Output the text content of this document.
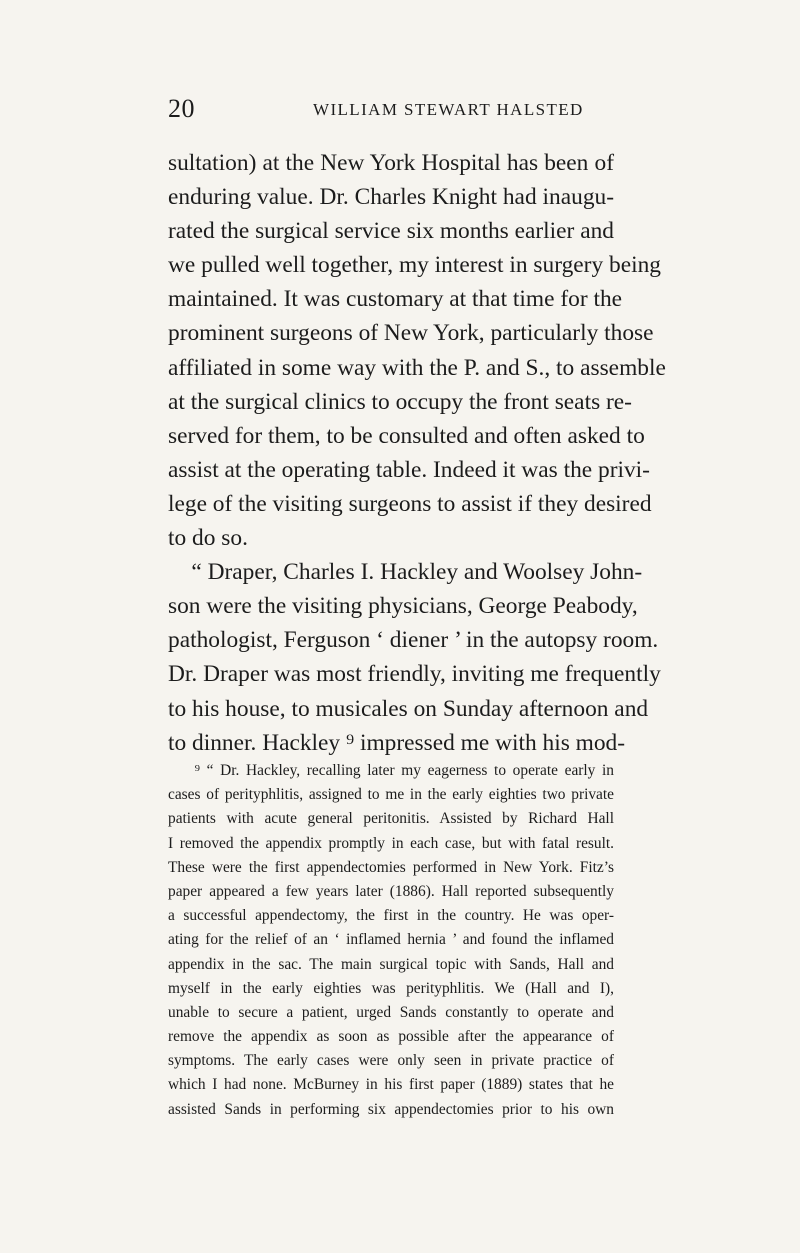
20	WILLIAM STEWART HALSTED
sultation) at the New York Hospital has been of
enduring value. Dr. Charles Knight had inaugu-
rated the surgical service six months earlier and
we pulled well together, my interest in surgery being
maintained. It was customary at that time for the
prominent surgeons of New York, particularly those
affiliated in some way with the P. and S., to assemble
at the surgical clinics to occupy the front seats re-
served for them, to be consulted and often asked to
assist at the operating table. Indeed it was the privi-
lege of the visiting surgeons to assist if they desired
to do so.
“ Draper, Charles I. Hackley and Woolsey John-
son were the visiting physicians, George Peabody,
pathologist, Ferguson ‘ diener ’ in the autopsy room.
Dr. Draper was most friendly, inviting me frequently
to his house, to musicales on Sunday afternoon and
to dinner. Hackley ⁹ impressed me with his mod-
⁹ “ Dr. Hackley, recalling later my eagerness to operate early in
cases of perityphlitis, assigned to me in the early eighties two private
patients with acute general peritonitis. Assisted by Richard Hall
I removed the appendix promptly in each case, but with fatal result.
These were the first appendectomies performed in New York. Fitz’s
paper appeared a few years later (1886). Hall reported subsequently
a successful appendectomy, the first in the country. He was oper-
ating for the relief of an ‘ inflamed hernia ’ and found the inflamed
appendix in the sac. The main surgical topic with Sands, Hall and
myself in the early eighties was perityphlitis. We (Hall and I),
unable to secure a patient, urged Sands constantly to operate and
remove the appendix as soon as possible after the appearance of
symptoms. The early cases were only seen in private practice of
which I had none. McBurney in his first paper (1889) states that he
assisted Sands in performing six appendectomies prior to his own
